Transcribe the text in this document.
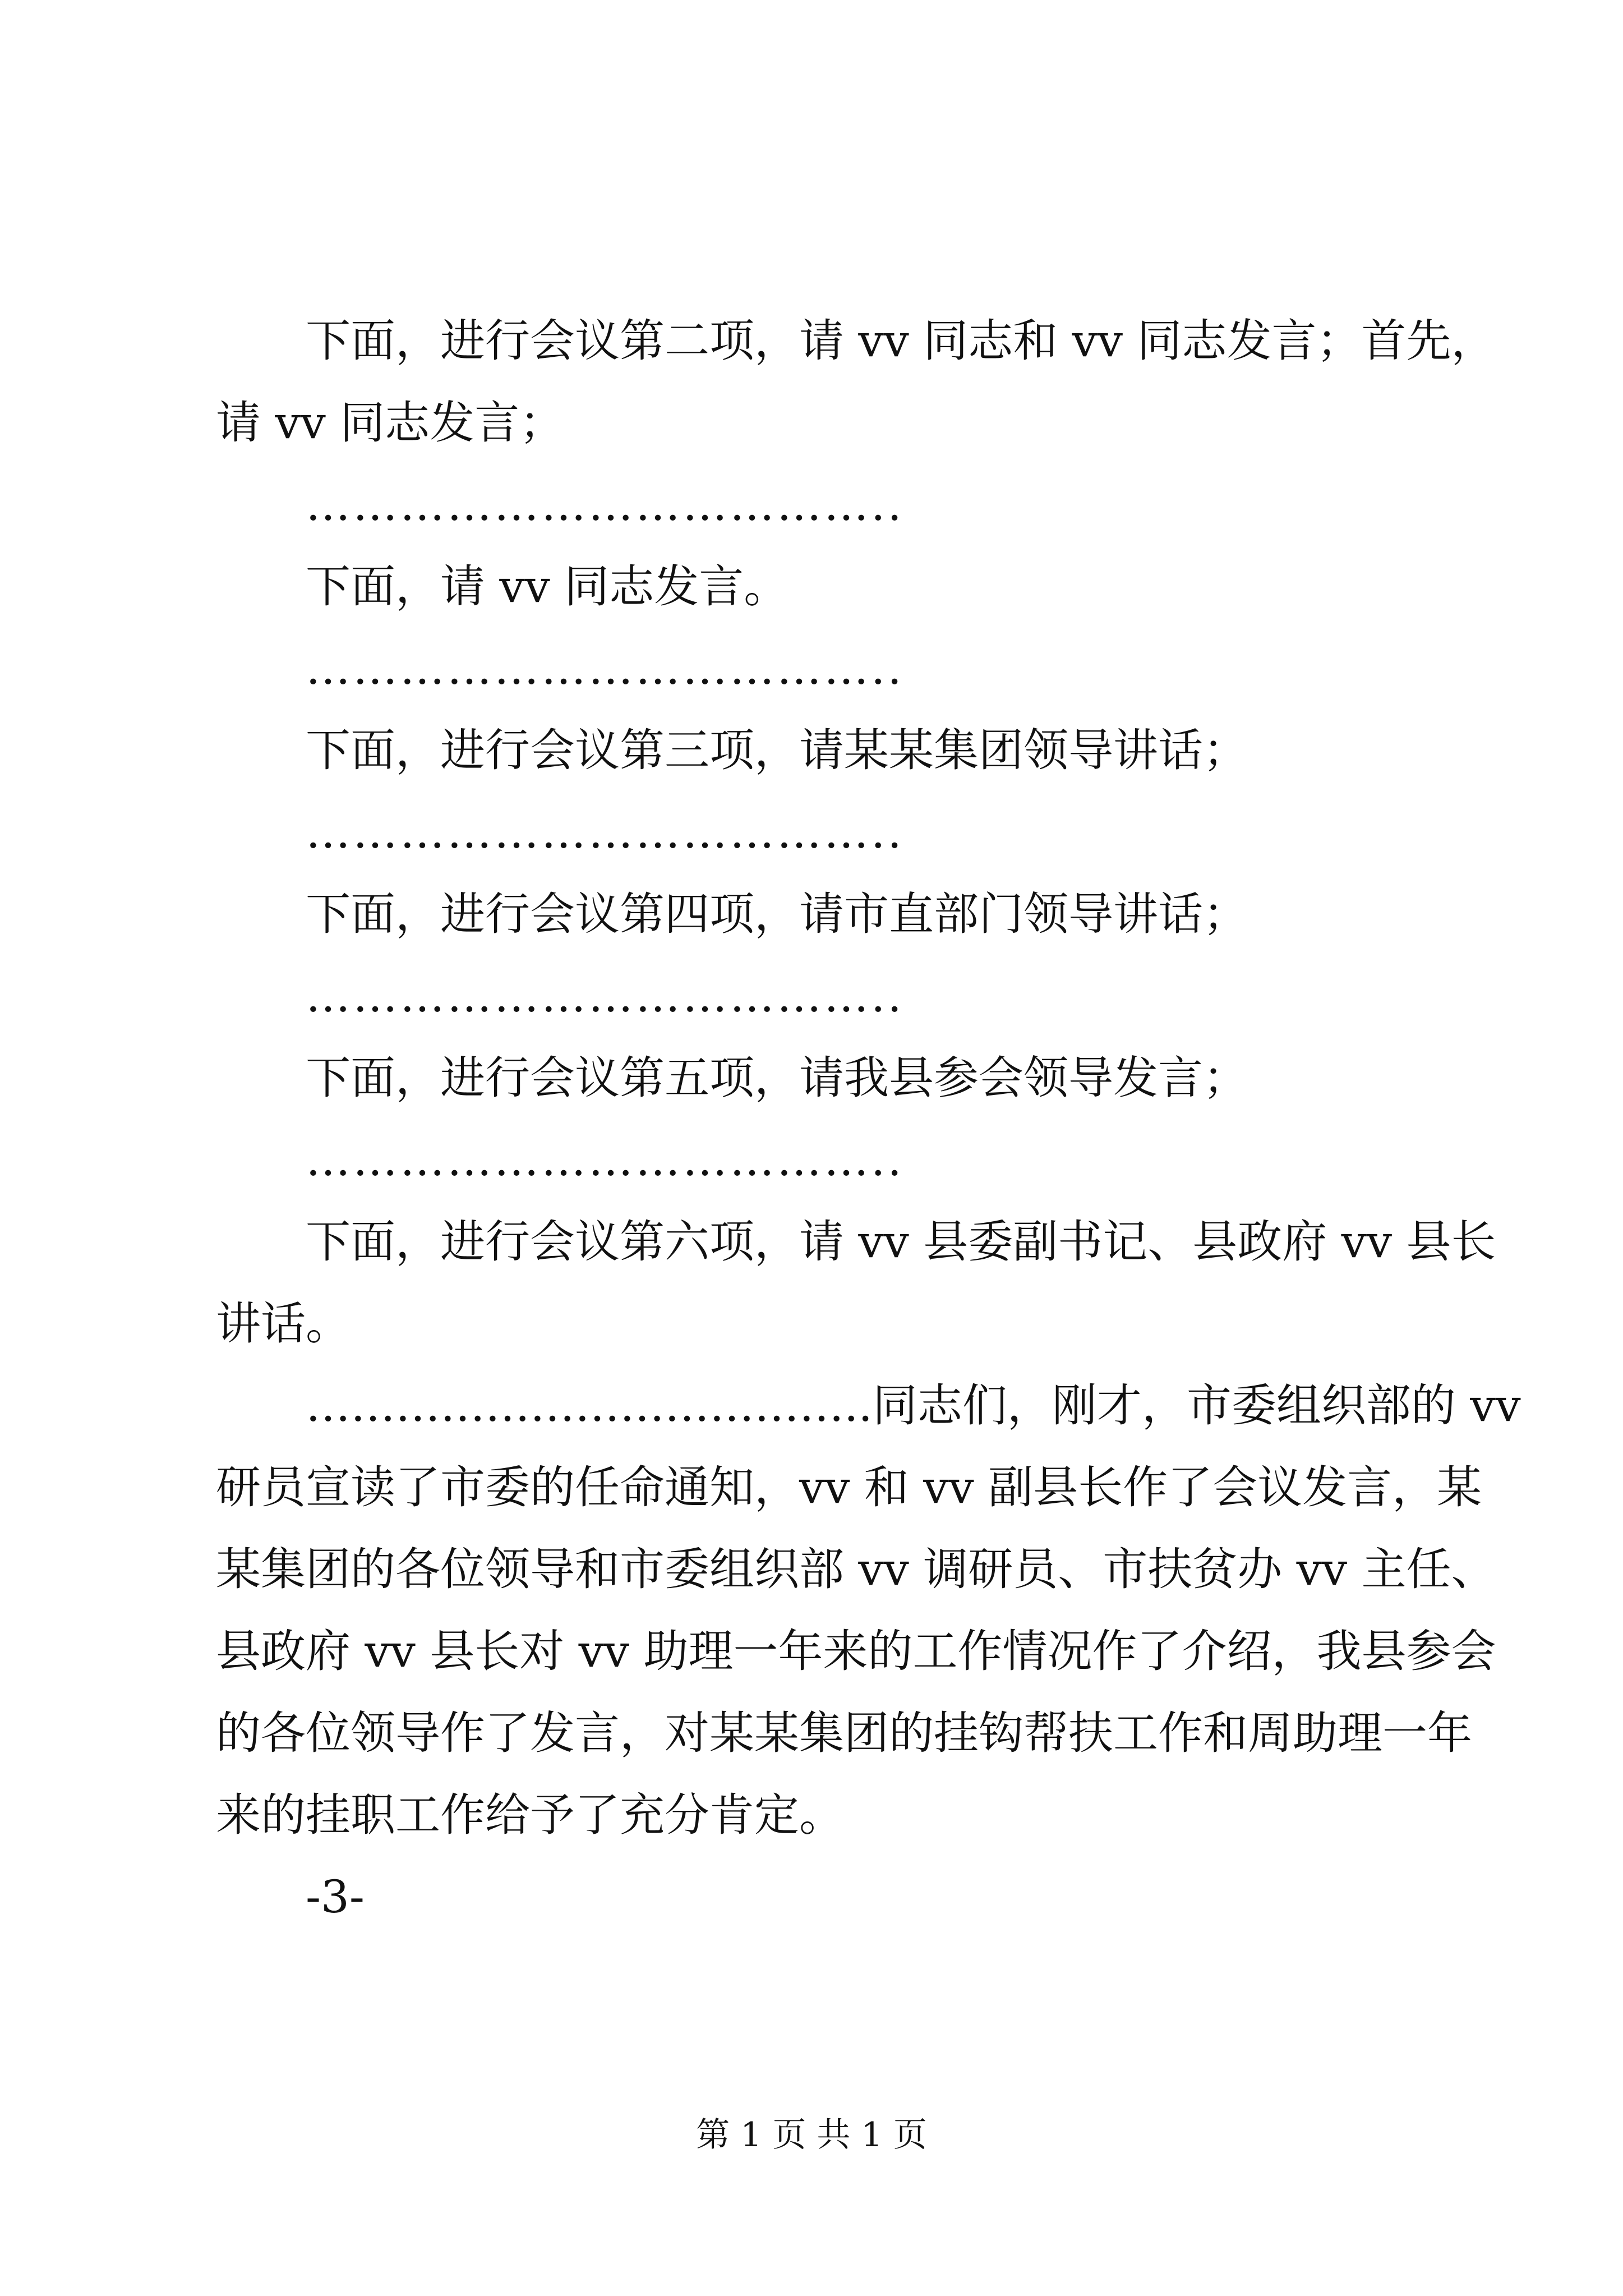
下面，进行会议第二项，请 vv 同志和 vv 同志发言；首先，
请 vv 同志发言；
………………………………..
下面，请 vv 同志发言。
………………………………..
下面，进行会议第三项，请某某集团领导讲话；
………………………………..
下面，进行会议第四项，请市直部门领导讲话；
………………………………..
下面，进行会议第五项，请我县参会领导发言；
………………………………..
下面，进行会议第六项，请 vv 县委副书记、县政府 vv 县长
讲话。
………………………………..同志们，刚才，市委组织部的 vv
研员宣读了市委的任命通知，vv 和 vv 副县长作了会议发言，某
某集团的各位领导和市委组织部 vv 调研员、市扶贫办 vv 主任、
县政府 vv 县长对 vv 助理一年来的工作情况作了介绍，我县参会
的各位领导作了发言，对某某集团的挂钩帮扶工作和周助理一年
来的挂职工作给予了充分肯定。
-3-
第 1 页 共 1 页
